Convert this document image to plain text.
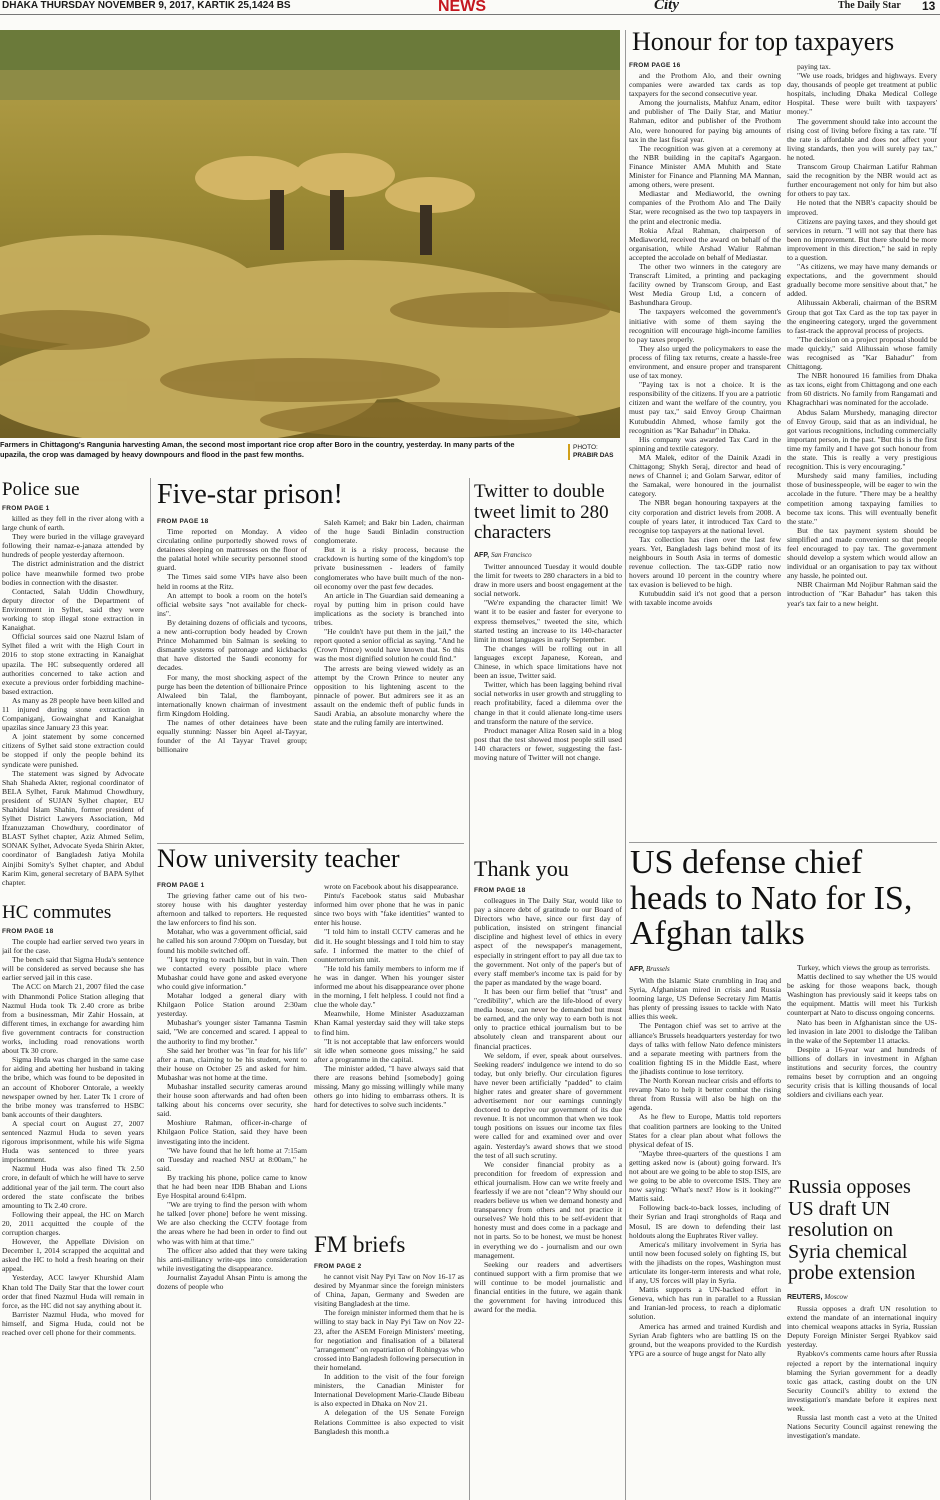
DHAKA THURSDAY NOVEMBER 9, 2017, KARTIK 25,1424 BS	NEWS	City	The Daily Star 13
Farmers in Chittagong's Rangunia harvesting Aman, the second most important rice crop after Boro in the country, yesterday. In many parts of the upazila, the crop was damaged by heavy downpours and flood in the past few months.
PHOTO:
PRABIR DAS
Honour for top taxpayers
FROM PAGE 16

and the Prothom Alo, and their owning companies were awarded tax cards as top taxpayers for the second consecutive year.

Among the journalists, Mahfuz Anam, editor and publisher of The Daily Star, and Matiur Rahman, editor and publisher of the Prothom Alo, were honoured for paying big amounts of tax in the last fiscal year.

The recognition was given at a ceremony at the NBR building in the capital's Agargaon. Finance Minister AMA Muhith and State Minister for Finance and Planning MA Mannan, among others, were present.

Mediastar and Mediaworld, the owning companies of the Prothom Alo and The Daily Star, were recognised as the two top taxpayers in the print and electronic media.

Rokia Afzal Rahman, chairperson of Mediaworld, received the award on behalf of the organisation, while Arshad Waliur Rahman accepted the accolade on behalf of Mediastar.

The other two winners in the category are Transcraft Limited, a printing and packaging facility owned by Transcom Group, and East West Media Group Ltd, a concern of Bashundhara Group.

The taxpayers welcomed the government's initiative with some of them saying the recognition will encourage high-income families to pay taxes properly.

They also urged the policymakers to ease the process of filing tax returns, create a hassle-free environment, and ensure proper and transparent use of tax money.

"Paying tax is not a choice. It is the responsibility of the citizens. If you are a patriotic citizen and want the welfare of the country, you must pay tax," said Envoy Group Chairman Kutubuddin Ahmed, whose family got the recognition as "Kar Bahadur" in Dhaka.

His company was awarded Tax Card in the spinning and textile category.

MA Malek, editor of the Dainik Azadi in Chittagong; Shykh Seraj, director and head of news of Channel i; and Golam Sarwar, editor of the Samakal, were honoured in the journalist category.

The NBR began honouring taxpayers at the city corporation and district levels from 2008. A couple of years later, it introduced Tax Card to recognise top taxpayers at the national level.

Tax collection has risen over the last few years. Yet, Bangladesh lags behind most of its neighbours in South Asia in terms of domestic revenue collection. The tax-GDP ratio now hovers around 10 percent in the country where tax evasion is believed to be high.

Kutubuddin said it's not good that a person with taxable income avoids

paying tax.

"We use roads, bridges and highways. Every day, thousands of people get treatment at public hospitals, including Dhaka Medical College Hospital. These were built with taxpayers' money."

The government should take into account the rising cost of living before fixing a tax rate. "If the rate is affordable and does not affect your living standards, then you will surely pay tax," he noted.

Transcom Group Chairman Latifur Rahman said the recognition by the NBR would act as further encouragement not only for him but also for others to pay tax.

He noted that the NBR's capacity should be improved.

Citizens are paying taxes, and they should get services in return. "I will not say that there has been no improvement. But there should be more improvement in this direction," he said in reply to a question.

"As citizens, we may have many demands or expectations, and the government should gradually become more sensitive about that," he added.

Alihussain Akberali, chairman of the BSRM Group that got Tax Card as the top tax payer in the engineering category, urged the government to fast-track the approval process of projects.

"The decision on a project proposal should be made quickly," said Alihussain whose family was recognised as "Kar Bahadur" from Chittagong.

The NBR honoured 16 families from Dhaka as tax icons, eight from Chittagong and one each from 60 districts. No family from Rangamati and Khagrachhari was nominated for the accolade.

Abdus Salam Murshedy, managing director of Envoy Group, said that as an individual, he got various recognitions, including commercially important person, in the past. "But this is the first time my family and I have got such honour from the state. This is really a very prestigious recognition. This is very encouraging."

Murshedy said many families, including those of businesspeople, will be eager to win the accolade in the future. "There may be a healthy competition among taxpaying families to become tax icons. This will eventually benefit the state."

But the tax payment system should be simplified and made convenient so that people feel encouraged to pay tax. The government should develop a system which would allow an individual or an organisation to pay tax without any hassle, he pointed out.

NBR Chairman Md Nojibur Rahman said the introduction of "Kar Bahadur" has taken this year's tax fair to a new height.

Police sue
FROM PAGE 1

killed as they fell in the river along with a large chunk of earth.

They were buried in the village graveyard following their namaz-e-janaza attended by hundreds of people yesterday afternoon.

The district administration and the district police have meanwhile formed two probe bodies in connection with the disaster.

Contacted, Salah Uddin Chowdhury, deputy director of the Department of Environment in Sylhet, said they were working to stop illegal stone extraction in Kanaighat.

Official sources said one Nazrul Islam of Sylhet filed a writ with the High Court in 2016 to stop stone extracting in Kanaighat upazila. The HC subsequently ordered all authorities concerned to take action and execute a previous order forbidding machine-based extraction.

As many as 28 people have been killed and 11 injured during stone extraction in Companiganj, Gowainghat and Kanaighat upazilas since January 23 this year.

A joint statement by some concerned citizens of Sylhet said stone extraction could be stopped if only the people behind its syndicate were punished.

The statement was signed by Advocate Shah Shaheda Akter, regional coordinator of BELA Sylhet, Faruk Mahmud Chowdhury, president of SUJAN Sylhet chapter, EU Shahidul Islam Shahin, former president of Sylhet District Lawyers Association, Md Ifzanuzzaman Chowdhury, coordinator of BLAST Sylhet chapter, Aziz Ahmed Selim, SONAK Sylhet, Advocate Syeda Shirin Akter, coordinator of Bangladesh Jatiya Mohila Ainjibi Somity's Sylhet chapter, and Abdul Karim Kim, general secretary of BAPA Sylhet chapter.

HC commutes
FROM PAGE 18

The couple had earlier served two years in jail for the case.

The bench said that Sigma Huda's sentence will be considered as served because she has earlier served jail in this case.

The ACC on March 21, 2007 filed the case with Dhanmondi Police Station alleging that Nazmul Huda took Tk 2.40 crore as bribe from a businessman, Mir Zahir Hossain, at different times, in exchange for awarding him five government contracts for construction works, including road renovations worth about Tk 30 crore.

Sigma Huda was charged in the same case for aiding and abetting her husband in taking the bribe, which was found to be deposited in an account of Khoborer Ontorale, a weekly newspaper owned by her. Later Tk 1 crore of the bribe money was transferred to HSBC bank accounts of their daughters.

A special court on August 27, 2007 sentenced Nazmul Huda to seven years rigorous imprisonment, while his wife Sigma Huda was sentenced to three years imprisonment.

Nazmul Huda was also fined Tk 2.50 crore, in default of which he will have to serve additional year of the jail term. The court also ordered the state confiscate the bribes amounting to Tk 2.40 crore.

Following their appeal, the HC on March 20, 2011 acquitted the couple of the corruption charges.

However, the Appellate Division on December 1, 2014 scrapped the acquittal and asked the HC to hold a fresh hearing on their appeal.

Yesterday, ACC lawyer Khurshid Alam Khan told The Daily Star that the lower court order that fined Nazmul Huda will remain in force, as the HC did not say anything about it.

Barrister Nazmul Huda, who moved for himself, and Sigma Huda, could not be reached over cell phone for their comments.

Five-star prison!
FROM PAGE 18

Time reported on Monday. A video circulating online purportedly showed rows of detainees sleeping on mattresses on the floor of the palatial hotel while security personnel stood guard.

The Times said some VIPs have also been held in rooms at the Ritz.

An attempt to book a room on the hotel's official website says "not available for check-ins".

By detaining dozens of officials and tycoons, a new anti-corruption body headed by Crown Prince Mohammed bin Salman is seeking to dismantle systems of patronage and kickbacks that have distorted the Saudi economy for decades.

For many, the most shocking aspect of the purge has been the detention of billionaire Prince Alwaleed bin Talal, the flamboyant, internationally known chairman of investment firm Kingdom Holding.

The names of other detainees have been equally stunning: Nasser bin Aqeel al-Tayyar, founder of the Al Tayyar Travel group; billionaire

Saleh Kamel; and Bakr bin Laden, chairman of the huge Saudi Binladin construction conglomerate.

But it is a risky process, because the crackdown is hurting some of the kingdom's top private businessmen - leaders of family conglomerates who have built much of the non-oil economy over the past few decades.

An article in The Guardian said demeaning a royal by putting him in prison could have implications as the society is branched into tribes.

"He couldn't have put them in the jail," the report quoted a senior official as saying. "And he (Crown Prince) would have known that. So this was the most dignified solution he could find."

The arrests are being viewed widely as an attempt by the Crown Prince to neuter any opposition to his lightening ascent to the pinnacle of power. But admirers see it as an assault on the endemic theft of public funds in Saudi Arabia, an absolute monarchy where the state and the ruling family are intertwined.

Now university teacher
FROM PAGE 1

The grieving father came out of his two-storey house with his daughter yesterday afternoon and talked to reporters. He requested the law enforcers to find his son.

Motahar, who was a government official, said he called his son around 7:00pm on Tuesday, but found his mobile switched off.

"I kept trying to reach him, but in vain. Then we contacted every possible place where Mubashar could have gone and asked everyone who could give information."

Motahar lodged a general diary with Khilgaon Police Station around 2:30am yesterday.

Mubashar's younger sister Tamanna Tasmin said, "We are concerned and scared. I appeal to the authority to find my brother."

She said her brother was "in fear for his life" after a man, claiming to be his student, went to their house on October 25 and asked for him. Mubashar was not home at the time.

Mubashar installed security cameras around their house soon afterwards and had often been talking about his concerns over security, she said.

Moshiure Rahman, officer-in-charge of Khilgaon Police Station, said they have been investigating into the incident.

"We have found that he left home at 7:15am on Tuesday and reached NSU at 8:00am," he said.

By tracking his phone, police came to know that he had been near IDB Bhaban and Lions Eye Hospital around 6:41pm.

"We are trying to find the person with whom he talked [over phone] before he went missing. We are also checking the CCTV footage from the areas where he had been in order to find out who was with him at that time."

The officer also added that they were taking his anti-militancy write-ups into consideration while investigating the disappearance.

Journalist Zayadul Ahsan Pintu is among the dozens of people who

wrote on Facebook about his disappearance.

Pintu's Facebook status said Mubashar informed him over phone that he was in panic since two boys with "fake identities" wanted to enter his house.

"I told him to install CCTV cameras and he did it. He sought blessings and I told him to stay safe. I informed the matter to the chief of counterterrorism unit.

"He told his family members to inform me if he was in danger. When his younger sister informed me about his disappearance over phone in the morning, I felt helpless. I could not find a clue the whole day."

Meanwhile, Home Minister Asaduzzaman Khan Kamal yesterday said they will take steps to find him.

"It is not acceptable that law enforcers would sit idle when someone goes missing," he said after a programme in the capital.

The minister added, "I have always said that there are reasons behind [somebody] going missing. Many go missing willingly while many others go into hiding to embarrass others. It is hard for detectives to solve such incidents."

FM briefs
FROM PAGE 2

he cannot visit Nay Pyi Taw on Nov 16-17 as desired by Myanmar since the foreign ministers of China, Japan, Germany and Sweden are visiting Bangladesh at the time.

The foreign minister informed them that he is willing to stay back in Nay Pyi Taw on Nov 22-23, after the ASEM Foreign Ministers' meeting, for negotiation and finalisation of a bilateral "arrangement" on repatriation of Rohingyas who crossed into Bangladesh following persecution in their homeland.

In addition to the visit of the four foreign ministers, the Canadian Minister for International Development Marie-Claude Bibeau is also expected in Dhaka on Nov 21.

A delegation of the US Senate Foreign Relations Committee is also expected to visit Bangladesh this month.a

Twitter to double tweet limit to 280 characters
AFP, San Francisco

Twitter announced Tuesday it would double the limit for tweets to 280 characters in a bid to draw in more users and boost engagement at the social network.

"We're expanding the character limit! We want it to be easier and faster for everyone to express themselves," tweeted the site, which started testing an increase to its 140-character limit in most languages in early September.

The changes will be rolling out in all languages except Japanese, Korean, and Chinese, in which space limitations have not been an issue, Twitter said.

Twitter, which has been lagging behind rival social networks in user growth and struggling to reach profitability, faced a dilemma over the change in that it could alienate long-time users and transform the nature of the service.

Product manager Aliza Rosen said in a blog post that the test showed most people still used 140 characters or fewer, suggesting the fast-moving nature of Twitter will not change.

Thank you
FROM PAGE 18

colleagues in The Daily Star, would like to pay a sincere debt of gratitude to our Board of Directors who have, since our first day of publication, insisted on stringent financial discipline and highest level of ethics in every aspect of the newspaper's management, especially in stringent effort to pay all due tax to the government. Not only of the paper's but of every staff member's income tax is paid for by the paper as mandated by the wage board.

It has been our firm belief that "trust" and "credibility", which are the life-blood of every media house, can never be demanded but must be earned, and the only way to earn both is not only to practice ethical journalism but to be absolutely clean and transparent about our financial practices.

We seldom, if ever, speak about ourselves. Seeking readers' indulgence we intend to do so today, but only briefly. Our circulation figures have never been artificially "padded" to claim higher rates and greater share of government advertisement nor our earnings cunningly doctored to deprive our government of its due revenue. It is not uncommon that when we took tough positions on issues our income tax files were called for and examined over and over again. Yesterday's award shows that we stood the test of all such scrutiny.

We consider financial probity as a precondition for freedom of expression and ethical journalism. How can we write freely and fearlessly if we are not "clean"? Why should our readers believe us when we demand honesty and transparency from others and not practice it ourselves? We hold this to be self-evident that honesty must and does come in a package and not in parts. So to be honest, we must be honest in everything we do - journalism and our own management.

Seeking our readers and advertisers continued support with a firm promise that we will continue to be model journalistic and financial entities in the future, we again thank the government for having introduced this award for the media.

US defense chief heads to Nato for IS, Afghan talks
AFP, Brussels

With the Islamic State crumbling in Iraq and Syria, Afghanistan mired in crisis and Russia looming large, US Defense Secretary Jim Mattis has plenty of pressing issues to tackle with Nato allies this week.

The Pentagon chief was set to arrive at the alliance's Brussels headquarters yesterday for two days of talks with fellow Nato defence ministers and a separate meeting with partners from the coalition fighting IS in the Middle East, where the jihadists continue to lose territory.

The North Korean nuclear crisis and efforts to revamp Nato to help it better combat the rising threat from Russia will also be high on the agenda.

As he flew to Europe, Mattis told reporters that coalition partners are looking to the United States for a clear plan about what follows the physical defeat of IS.

"Maybe three-quarters of the questions I am getting asked now is (about) going forward. It's not about are we going to be able to stop ISIS, are we going to be able to overcome ISIS. They are now saying: 'What's next? How is it looking?'" Mattis said.

Following back-to-back losses, including of their Syrian and Iraqi strongholds of Raqa and Mosul, IS are down to defending their last holdouts along the Euphrates River valley.

America's military involvement in Syria has until now been focused solely on fighting IS, but with the jihadists on the ropes, Washington must articulate its longer-term interests and what role, if any, US forces will play in Syria.

Mattis supports a UN-backed effort in Geneva, which has run in parallel to a Russian and Iranian-led process, to reach a diplomatic solution.

America has armed and trained Kurdish and Syrian Arab fighters who are battling IS on the ground, but the weapons provided to the Kurdish YPG are a source of huge angst for Nato ally

Turkey, which views the group as terrorists.

Mattis declined to say whether the US would be asking for those weapons back, though Washington has previously said it keeps tabs on the equipment. Mattis will meet his Turkish counterpart at Nato to discuss ongoing concerns.

Nato has been in Afghanistan since the US-led invasion in late 2001 to dislodge the Taliban in the wake of the September 11 attacks.

Despite a 16-year war and hundreds of billions of dollars in investment in Afghan institutions and security forces, the country remains beset by corruption and an ongoing security crisis that is killing thousands of local soldiers and civilians each year.

Russia opposes US draft UN resolution on Syria chemical probe extension
REUTERS, Moscow

Russia opposes a draft UN resolution to extend the mandate of an international inquiry into chemical weapons attacks in Syria, Russian Deputy Foreign Minister Sergei Ryabkov said yesterday.

Ryabkov's comments came hours after Russia rejected a report by the international inquiry blaming the Syrian government for a deadly toxic gas attack, casting doubt on the UN Security Council's ability to extend the investigation's mandate before it expires next week.

Russia last month cast a veto at the United Nations Security Council against renewing the investigation's mandate.
